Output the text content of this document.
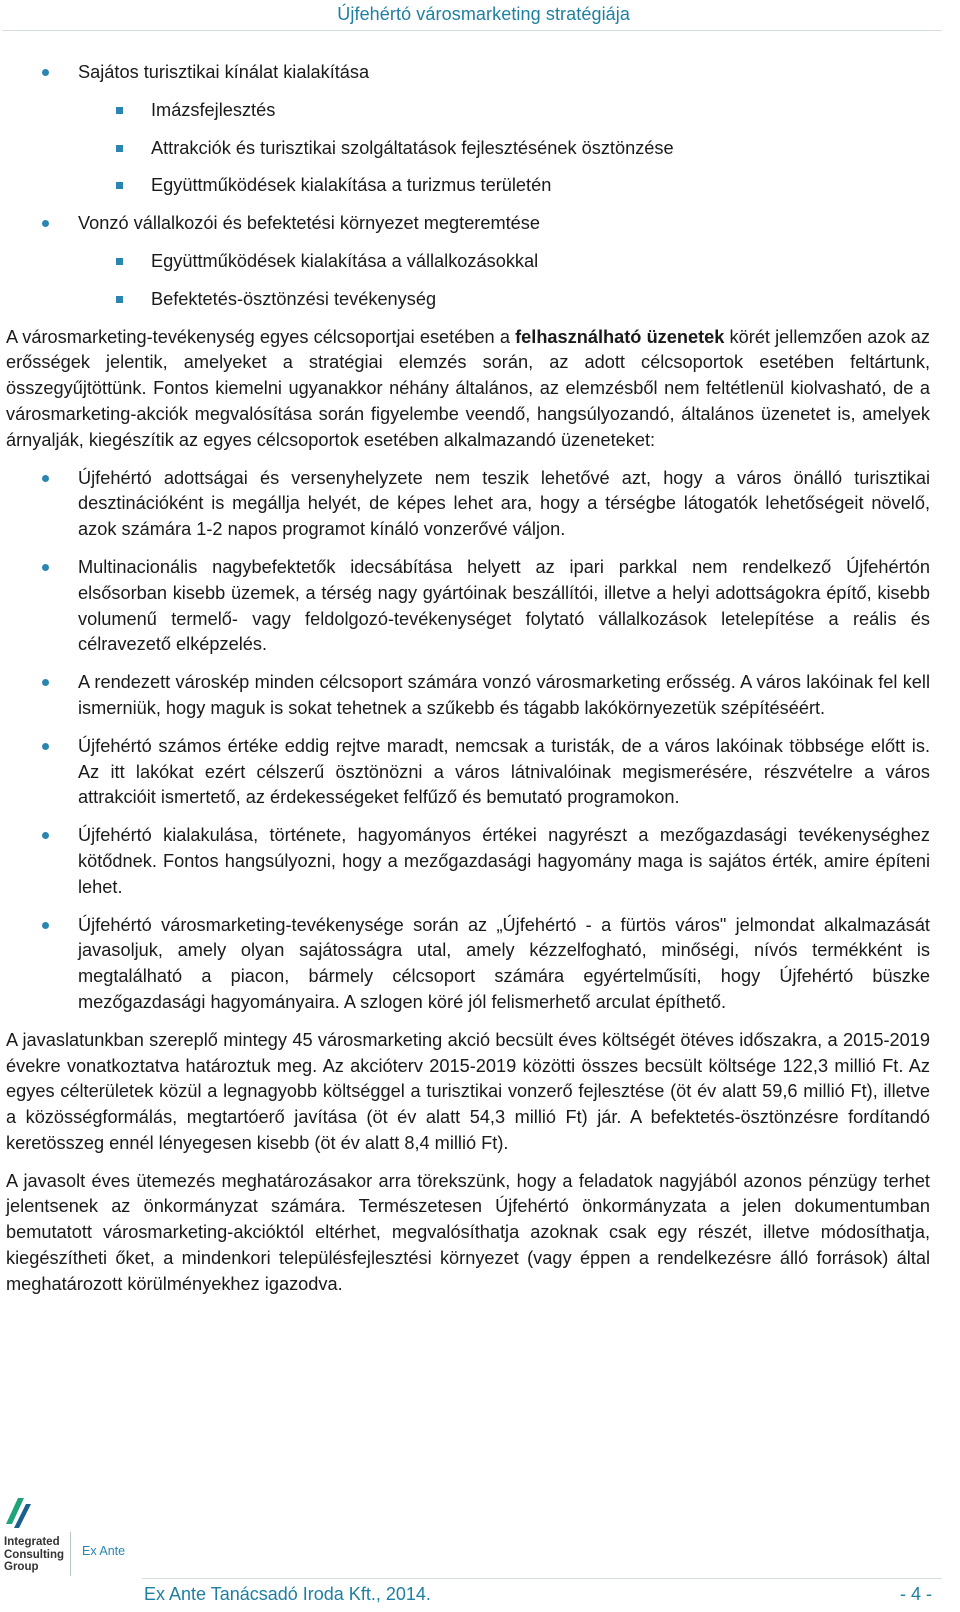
Újfehértó városmarketing stratégiája
Sajátos turisztikai kínálat kialakítása
Imázsfejlesztés
Attrakciók és turisztikai szolgáltatások fejlesztésének ösztönzése
Együttműködések kialakítása a turizmus területén
Vonzó vállalkozói és befektetési környezet megteremtése
Együttműködések kialakítása a vállalkozásokkal
Befektetés-ösztönzési tevékenység

A városmarketing-tevékenység egyes célcsoportjai esetében a felhasználható üzenetek körét jellemzően azok az erősségek jelentik, amelyeket a stratégiai elemzés során, az adott célcsoportok esetében feltártunk, összegyűjtöttünk. Fontos kiemelni ugyanakkor néhány általános, az elemzésből nem feltétlenül kiolvasható, de a városmarketing-akciók megvalósítása során figyelembe veendő, hangsúlyozandó, általános üzenetet is, amelyek árnyalják, kiegészítik az egyes célcsoportok esetében alkalmazandó üzeneteket:

Újfehértó adottságai és versenyhelyzete nem teszik lehetővé azt, hogy a város önálló turisztikai desztinációként is megállja helyét, de képes lehet ara, hogy a térségbe látogatók lehetőségeit növelő, azok számára 1-2 napos programot kínáló vonzerővé váljon.
Multinacionális nagybefektetők idecsábítása helyett az ipari parkkal nem rendelkező Újfehértón elsősorban kisebb üzemek, a térség nagy gyártóinak beszállítói, illetve a helyi adottságokra építő, kisebb volumenű termelő- vagy feldolgozó-tevékenységet folytató vállalkozások letelepítése a reális és célravezető elképzelés.
A rendezett városkép minden célcsoport számára vonzó városmarketing erősség. A város lakóinak fel kell ismerniük, hogy maguk is sokat tehetnek a szűkebb és tágabb lakókörnyezetük szépítéséért.
Újfehértó számos értéke eddig rejtve maradt, nemcsak a turisták, de a város lakóinak többsége előtt is. Az itt lakókat ezért célszerű ösztönözni a város látnivalóinak megismerésére, részvételre a város attrakcióit ismertető, az érdekességeket felfűző és bemutató programokon.
Újfehértó kialakulása, története, hagyományos értékei nagyrészt a mezőgazdasági tevékenységhez kötődnek. Fontos hangsúlyozni, hogy a mezőgazdasági hagyomány maga is sajátos érték, amire építeni lehet.
Újfehértó városmarketing-tevékenysége során az „Újfehértó - a fürtös város" jelmondat alkalmazását javasoljuk, amely olyan sajátosságra utal, amely kézzelfogható, minőségi, nívós termékként is megtalálható a piacon, bármely célcsoport számára egyértelműsíti, hogy Újfehértó büszke mezőgazdasági hagyományaira. A szlogen köré jól felismerhető arculat építhető.

A javaslatunkban szereplő mintegy 45 városmarketing akció becsült éves költségét ötéves időszakra, a 2015-2019 évekre vonatkoztatva határoztuk meg. Az akcióterv 2015-2019 közötti összes becsült költsége 122,3 millió Ft. Az egyes célterületek közül a legnagyobb költséggel a turisztikai vonzerő fejlesztése (öt év alatt 59,6 millió Ft), illetve a közösségformálás, megtartóerő javítása (öt év alatt 54,3 millió Ft) jár. A befektetés-ösztönzésre fordítandó keretösszeg ennél lényegesen kisebb (öt év alatt 8,4 millió Ft).

A javasolt éves ütemezés meghatározásakor arra törekszünk, hogy a feladatok nagyjából azonos pénzügy terhet jelentsenek az önkormányzat számára. Természetesen Újfehértó önkormányzata a jelen dokumentumban bemutatott városmarketing-akcióktól eltérhet, megvalósíthatja azoknak csak egy részét, illetve módosíthatja, kiegészítheti őket, a mindenkori településfejlesztési környezet (vagy éppen a rendelkezésre álló források) által meghatározott körülményekhez igazodva.

Integrated
Consulting
Group
Ex Ante
Ex Ante Tanácsadó Iroda Kft., 2014.	- 4 -
